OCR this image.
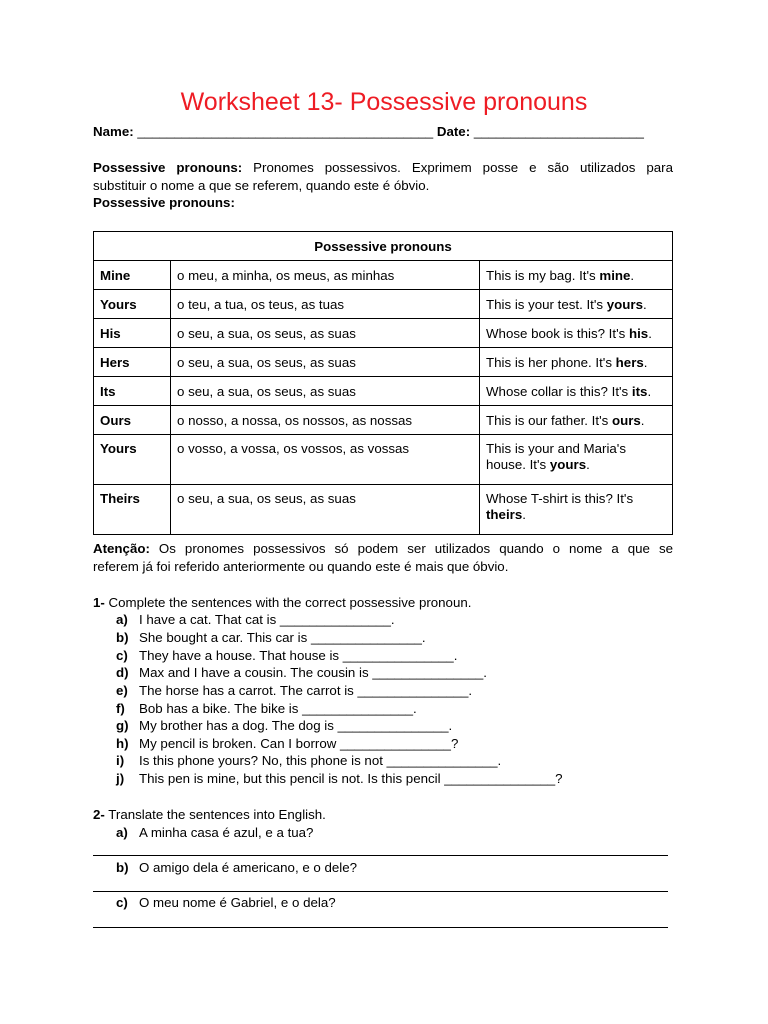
Worksheet 13- Possessive pronouns
Name: ________________________________________ Date: _______________________
Possessive pronouns: Pronomes possessivos. Exprimem posse e são utilizados para
substituir o nome a que se referem, quando este é óbvio.
Possessive pronouns:
Possessive pronouns		
Mine	o meu, a minha, os meus, as minhas	This is my bag. It's mine.
Yours	o teu, a tua, os teus, as tuas	This is your test. It's yours.
His	o seu, a sua, os seus, as suas	Whose book is this? It's his.
Hers	o seu, a sua, os seus, as suas	This is her phone. It's hers.
Its	o seu, a sua, os seus, as suas	Whose collar is this? It's its.
Ours	o nosso, a nossa, os nossos, as nossas	This is our father. It's ours.
Yours	o vosso, a vossa, os vossos, as vossas	This is your and Maria's house. It's yours.
Theirs	o seu, a sua, os seus, as suas	Whose T-shirt is this? It's theirs.
Atenção: Os pronomes possessivos só podem ser utilizados quando o nome a que se
referem já foi referido anteriormente ou quando este é mais que óbvio.
1- Complete the sentences with the correct possessive pronoun.
a) I have a cat. That cat is _______________.
b) She bought a car. This car is _______________.
c) They have a house. That house is _______________.
d) Max and I have a cousin. The cousin is _______________.
e) The horse has a carrot. The carrot is _______________.
f) Bob has a bike. The bike is _______________.
g) My brother has a dog. The dog is _______________.
h) My pencil is broken. Can I borrow _______________?
i) Is this phone yours? No, this phone is not _______________.
j) This pen is mine, but this pencil is not. Is this pencil _______________?
2- Translate the sentences into English.
a) A minha casa é azul, e a tua?
b) O amigo dela é americano, e o dele?
c) O meu nome é Gabriel, e o dela?
